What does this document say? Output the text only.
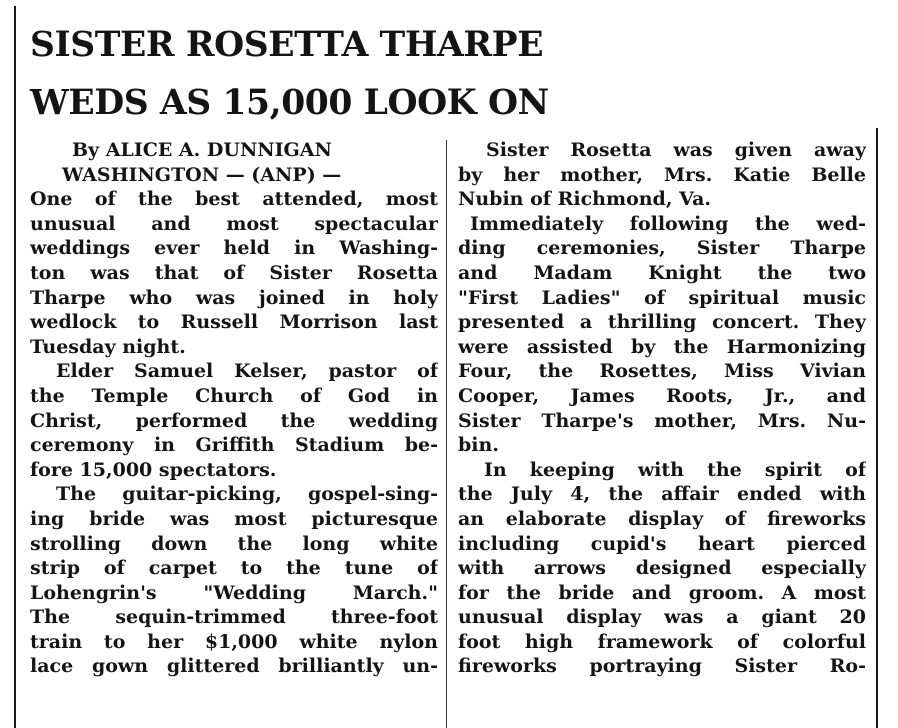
SISTER ROSETTA THARPE
WEDS AS 15,000 LOOK ON
By ALICE A. DUNNIGAN
WASHINGTON — (ANP) —
One of the best attended, most
unusual and most spectacular
weddings ever held in Washing-
ton was that of Sister Rosetta
Tharpe who was joined in holy
wedlock to Russell Morrison last
Tuesday night.
Elder Samuel Kelser, pastor of
the Temple Church of God in
Christ, performed the wedding
ceremony in Griffith Stadium be-
fore 15,000 spectators.
The guitar-picking, gospel-sing-
ing bride was most picturesque
strolling down the long white
strip of carpet to the tune of
Lohengrin's "Wedding March."
The sequin-trimmed three-foot
train to her $1,000 white nylon
lace gown glittered brilliantly un-
Sister Rosetta was given away
by her mother, Mrs. Katie Belle
Nubin of Richmond, Va.
Immediately following the wed-
ding ceremonies, Sister Tharpe
and Madam Knight the two
"First Ladies" of spiritual music
presented a thrilling concert. They
were assisted by the Harmonizing
Four, the Rosettes, Miss Vivian
Cooper, James Roots, Jr., and
Sister Tharpe's mother, Mrs. Nu-
bin.
In keeping with the spirit of
the July 4, the affair ended with
an elaborate display of fireworks
including cupid's heart pierced
with arrows designed especially
for the bride and groom. A most
unusual display was a giant 20
foot high framework of colorful
fireworks portraying Sister Ro-
